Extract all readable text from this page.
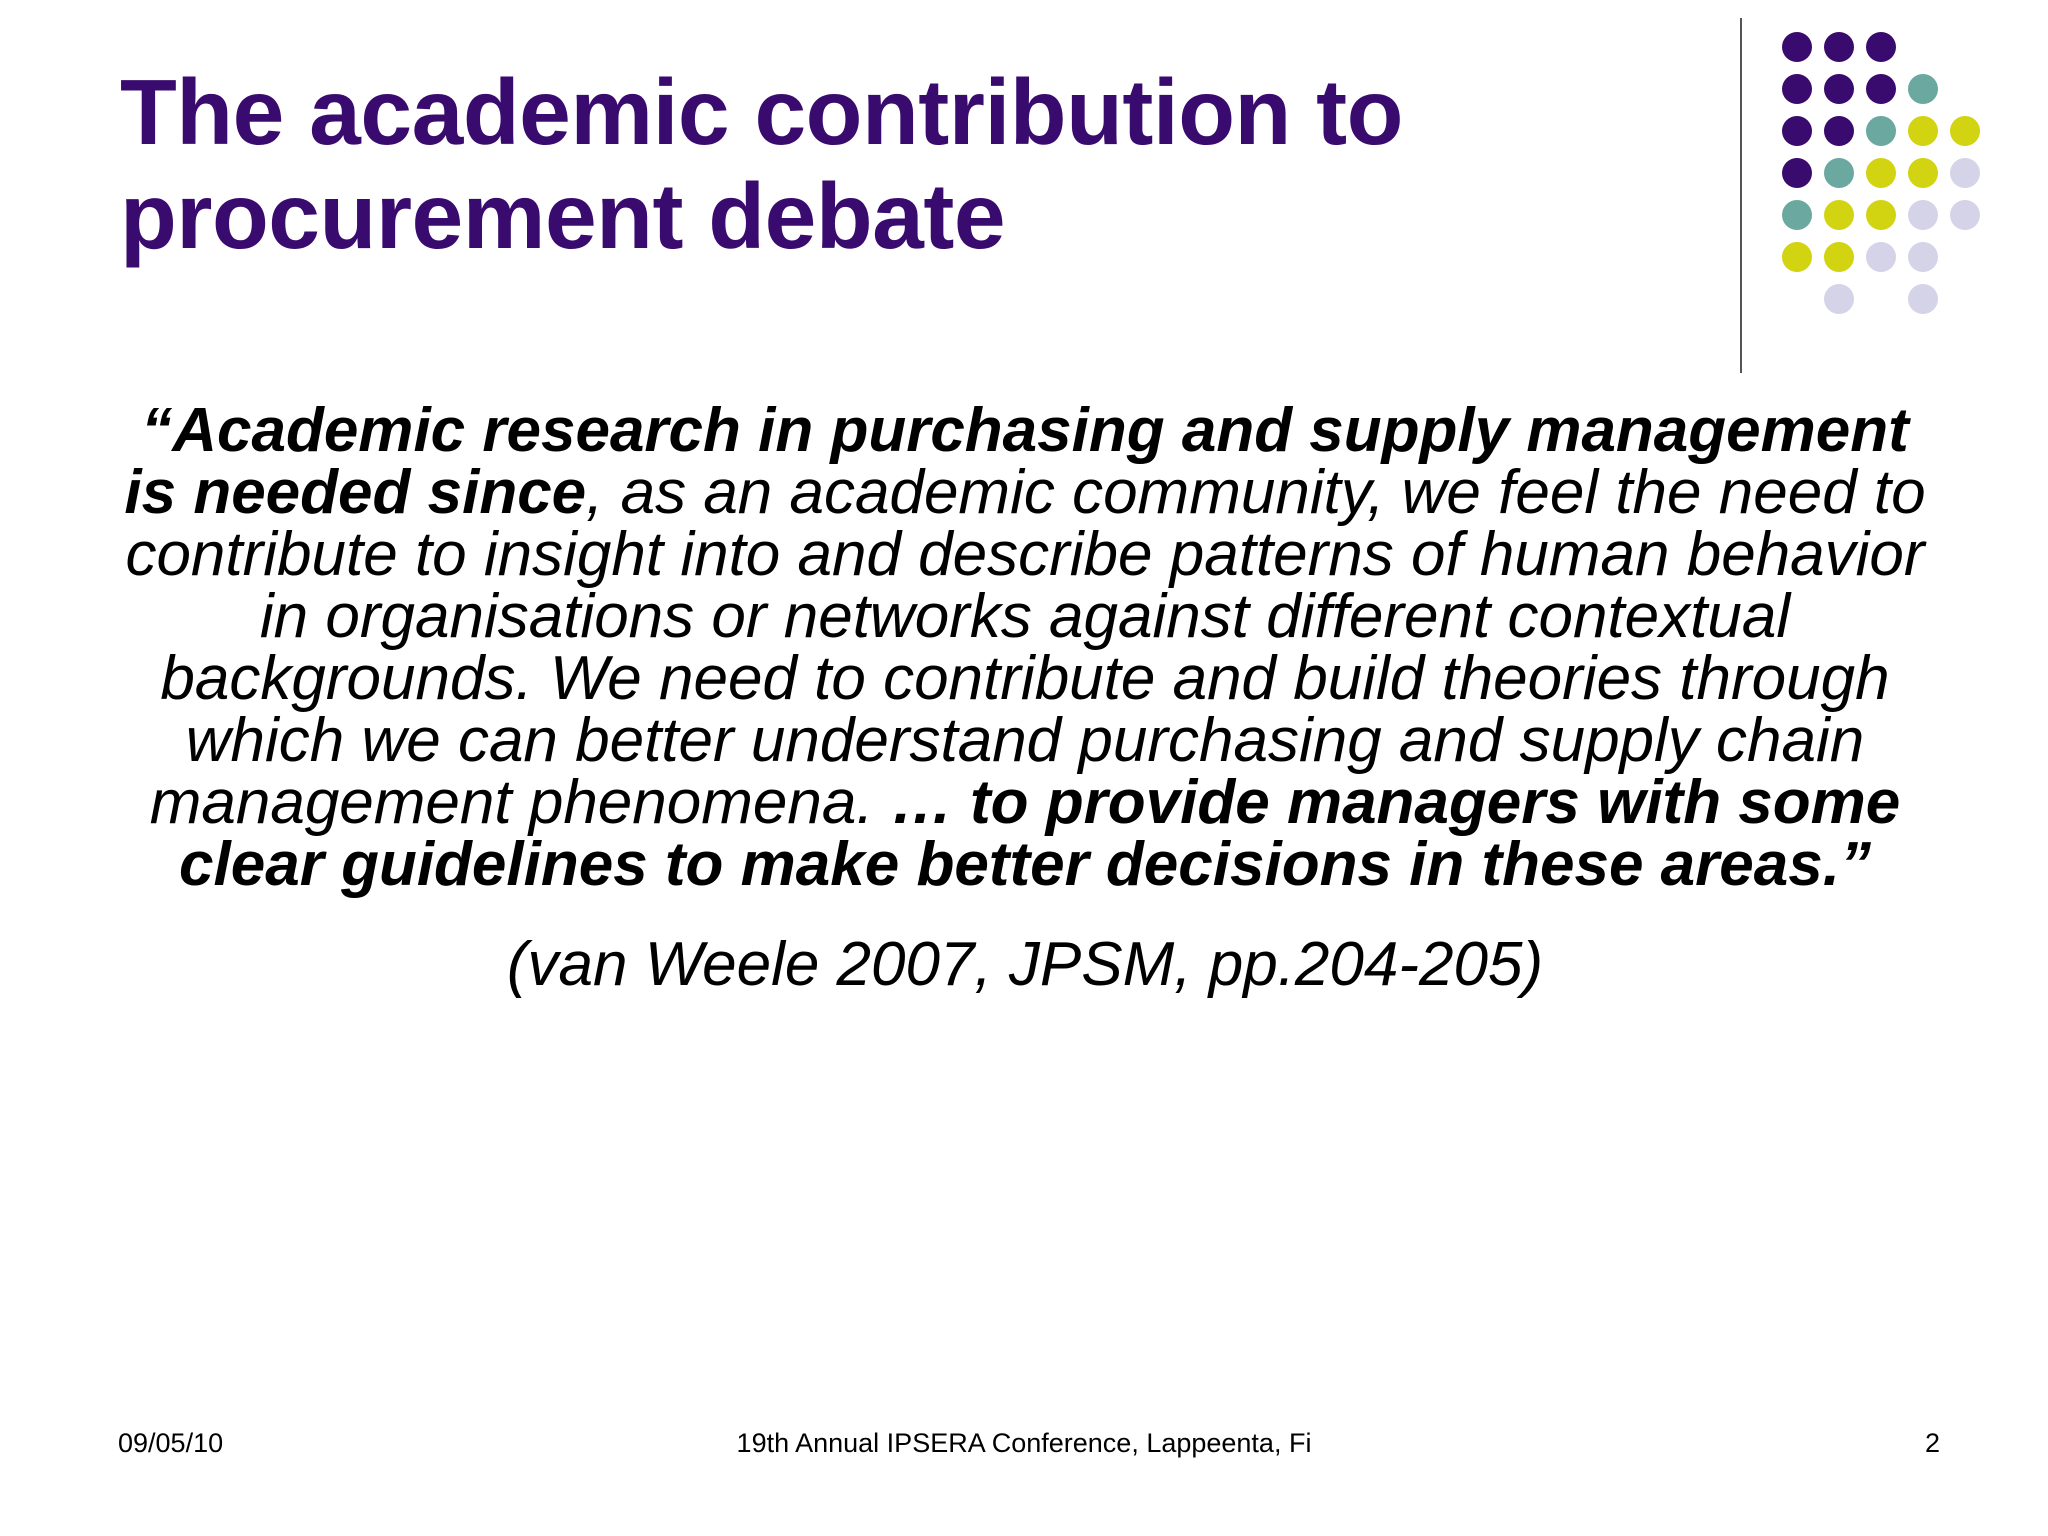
The academic contribution to procurement debate

“Academic research in purchasing and supply management is needed since, as an academic community, we feel the need to contribute to insight into and describe patterns of human behavior in organisations or networks against different contextual backgrounds. We need to contribute and build theories through which we can better understand purchasing and supply chain management phenomena. … to provide managers with some clear guidelines to make better decisions in these areas.”

(van Weele 2007, JPSM, pp.204-205)
09/05/10	19th Annual IPSERA Conference, Lappeenta, Fi	2
